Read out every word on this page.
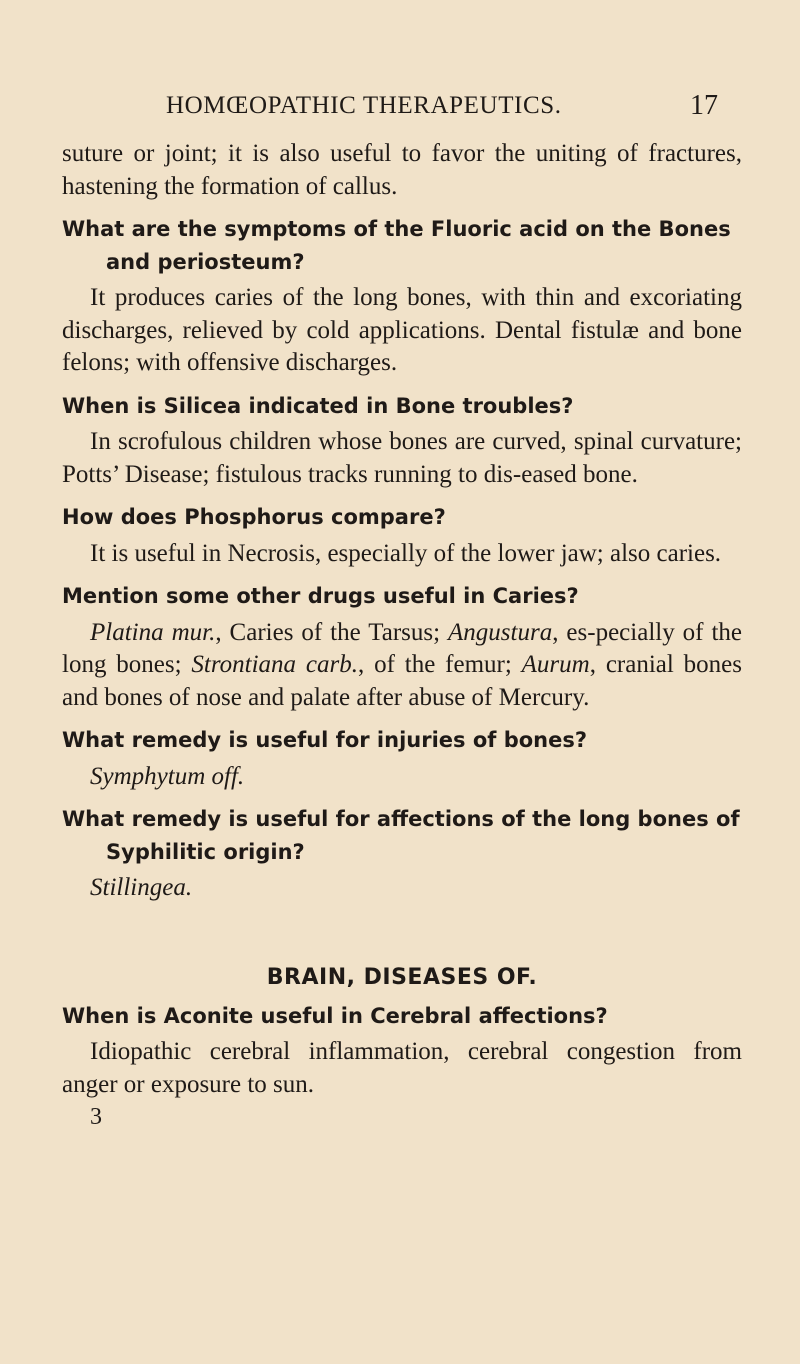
HOMŒOPATHIC THERAPEUTICS.	17

suture or joint; it is also useful to favor the uniting of fractures, hastening the formation of callus.

What are the symptoms of the Fluoric acid on the Bones and periosteum?

It produces caries of the long bones, with thin and excoriating discharges, relieved by cold applications. Dental fistulæ and bone felons; with offensive discharges.

When is Silicea indicated in Bone troubles?

In scrofulous children whose bones are curved, spinal curvature; Potts’ Disease; fistulous tracks running to dis-eased bone.

How does Phosphorus compare?

It is useful in Necrosis, especially of the lower jaw; also caries.

Mention some other drugs useful in Caries?

Platina mur., Caries of the Tarsus; Angustura, es-pecially of the long bones; Strontiana carb., of the femur; Aurum, cranial bones and bones of nose and palate after abuse of Mercury.

What remedy is useful for injuries of bones?

Symphytum off.

What remedy is useful for affections of the long bones of Syphilitic origin?

Stillingea.

BRAIN, DISEASES OF.

When is Aconite useful in Cerebral affections?

Idiopathic cerebral inflammation, cerebral congestion from anger or exposure to sun.

3
